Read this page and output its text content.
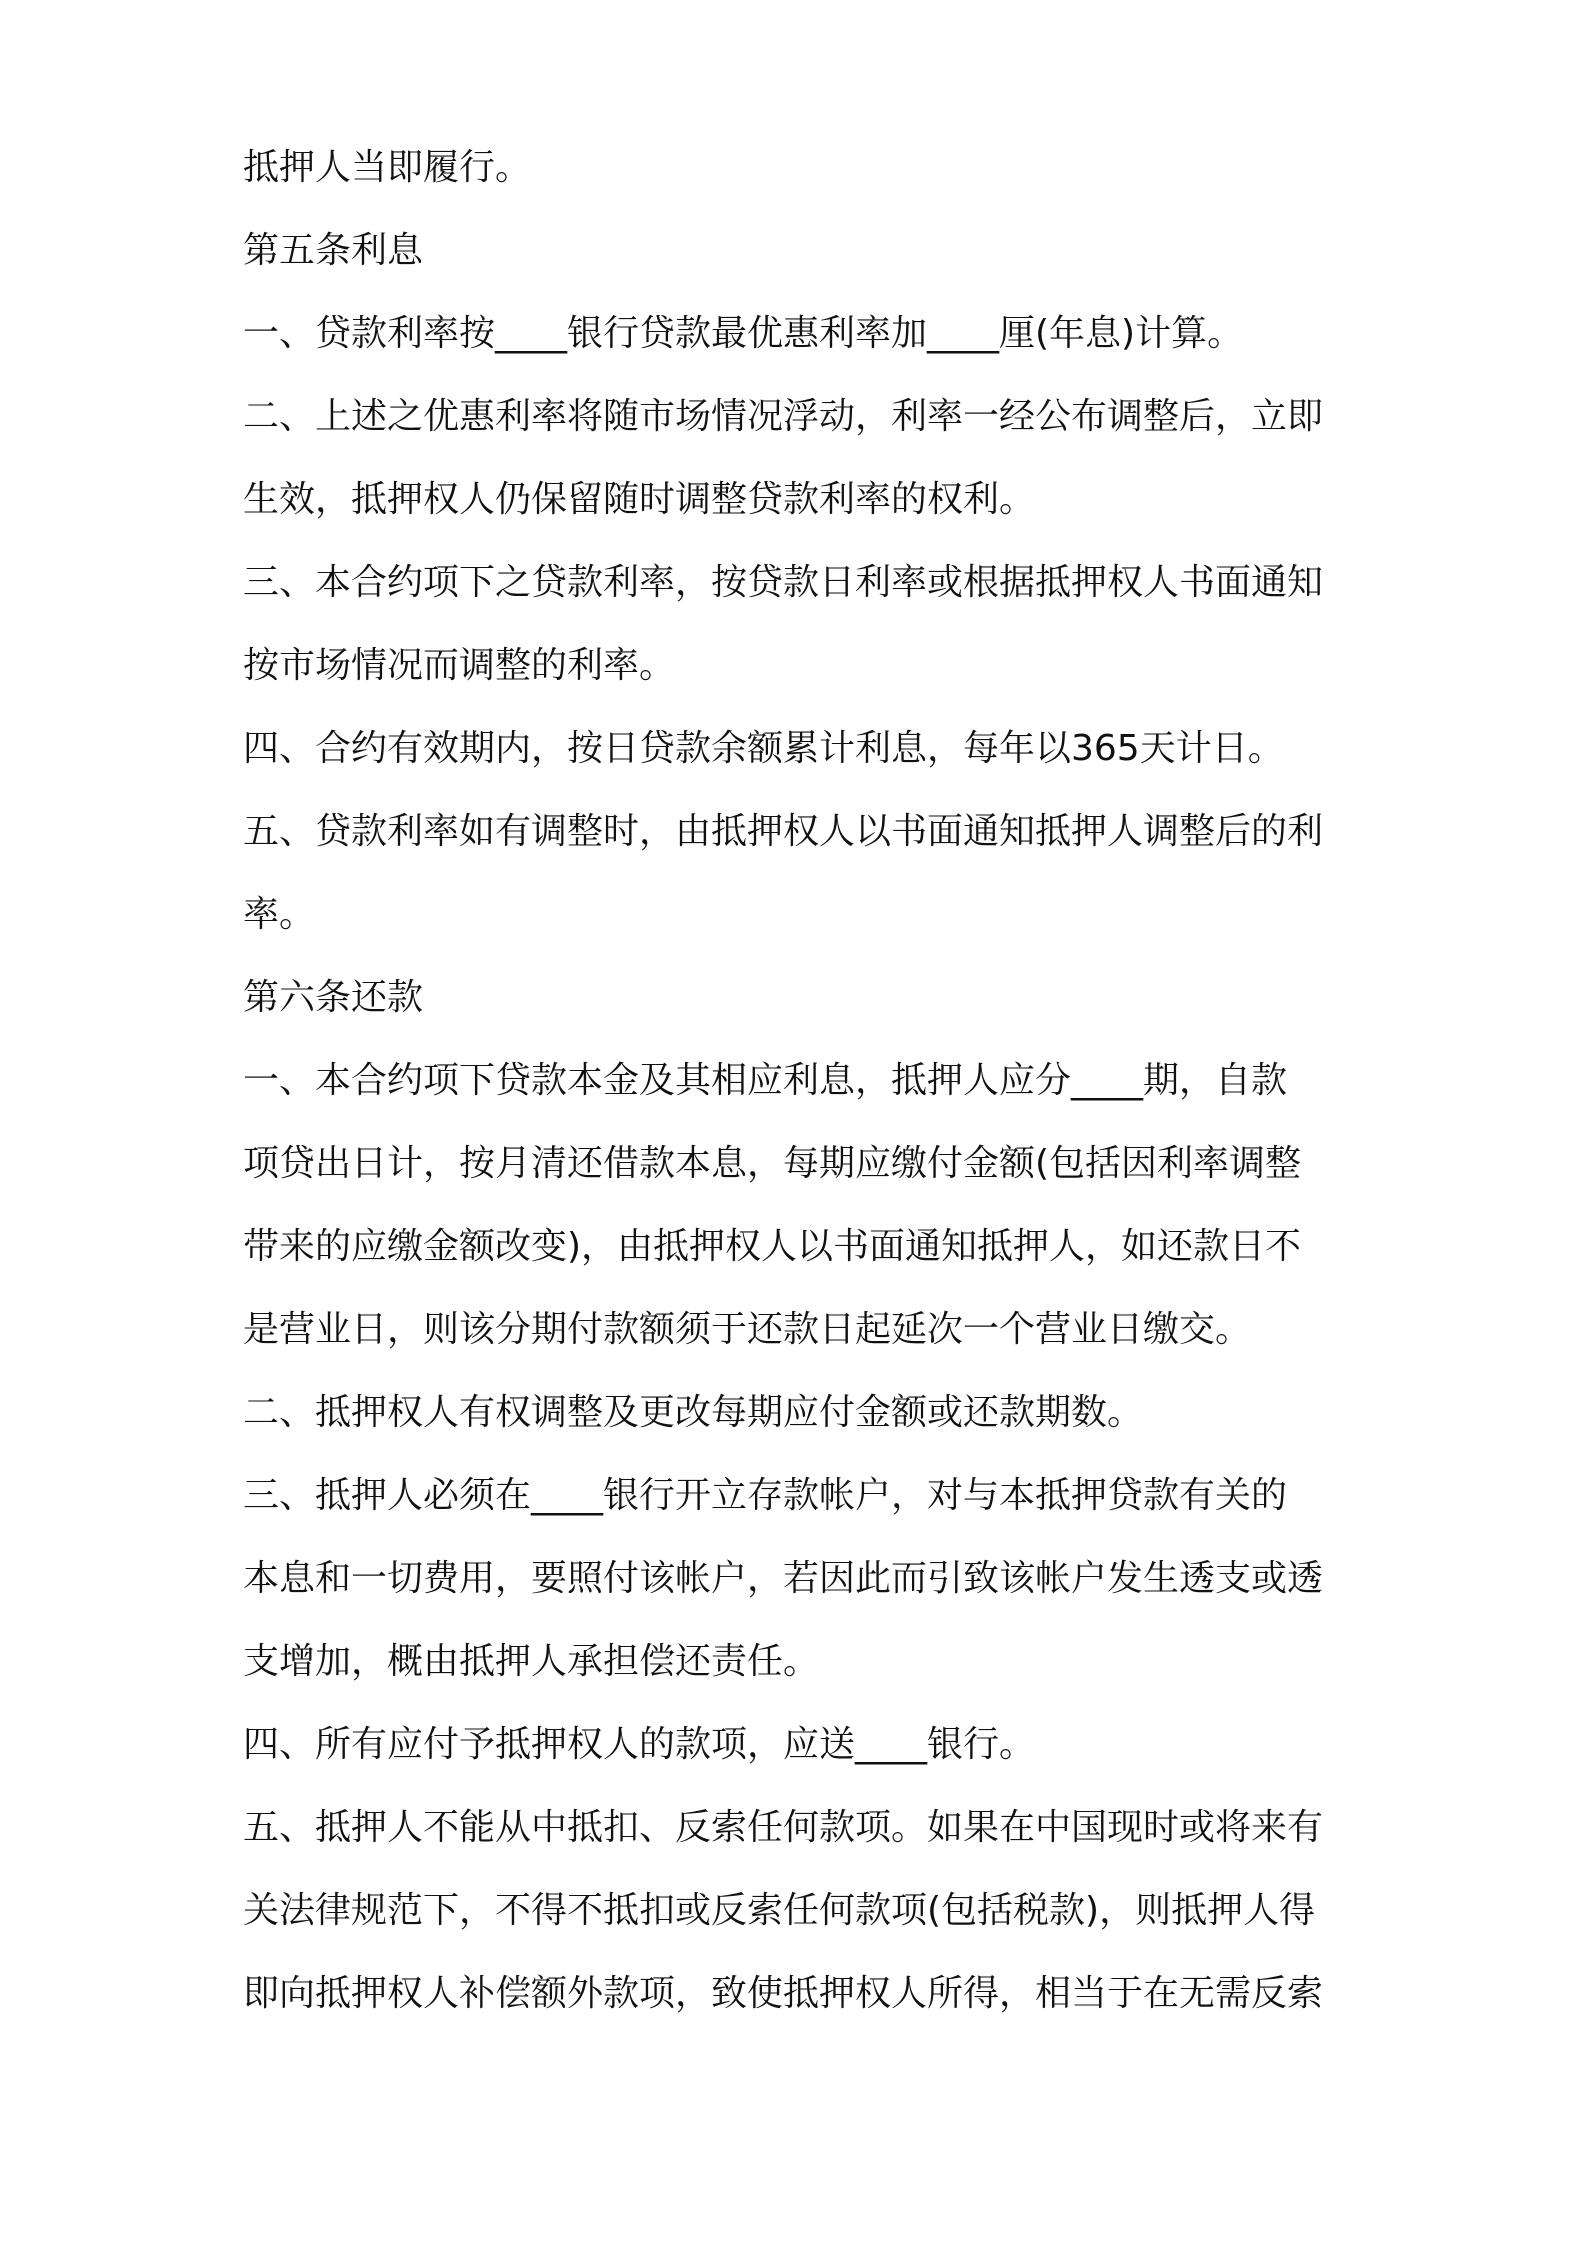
抵押人当即履行。
第五条利息
一、贷款利率按____银行贷款最优惠利率加____厘(年息)计算。
二、上述之优惠利率将随市场情况浮动，利率一经公布调整后，立即
生效，抵押权人仍保留随时调整贷款利率的权利。
三、本合约项下之贷款利率，按贷款日利率或根据抵押权人书面通知
按市场情况而调整的利率。
四、合约有效期内，按日贷款余额累计利息，每年以365天计日。
五、贷款利率如有调整时，由抵押权人以书面通知抵押人调整后的利
率。
第六条还款
一、本合约项下贷款本金及其相应利息，抵押人应分____期，自款
项贷出日计，按月清还借款本息，每期应缴付金额(包括因利率调整
带来的应缴金额改变)，由抵押权人以书面通知抵押人，如还款日不
是营业日，则该分期付款额须于还款日起延次一个营业日缴交。
二、抵押权人有权调整及更改每期应付金额或还款期数。
三、抵押人必须在____银行开立存款帐户，对与本抵押贷款有关的
本息和一切费用，要照付该帐户，若因此而引致该帐户发生透支或透
支增加，概由抵押人承担偿还责任。
四、所有应付予抵押权人的款项，应送____银行。
五、抵押人不能从中抵扣、反索任何款项。如果在中国现时或将来有
关法律规范下，不得不抵扣或反索任何款项(包括税款)，则抵押人得
即向抵押权人补偿额外款项，致使抵押权人所得，相当于在无需反索
